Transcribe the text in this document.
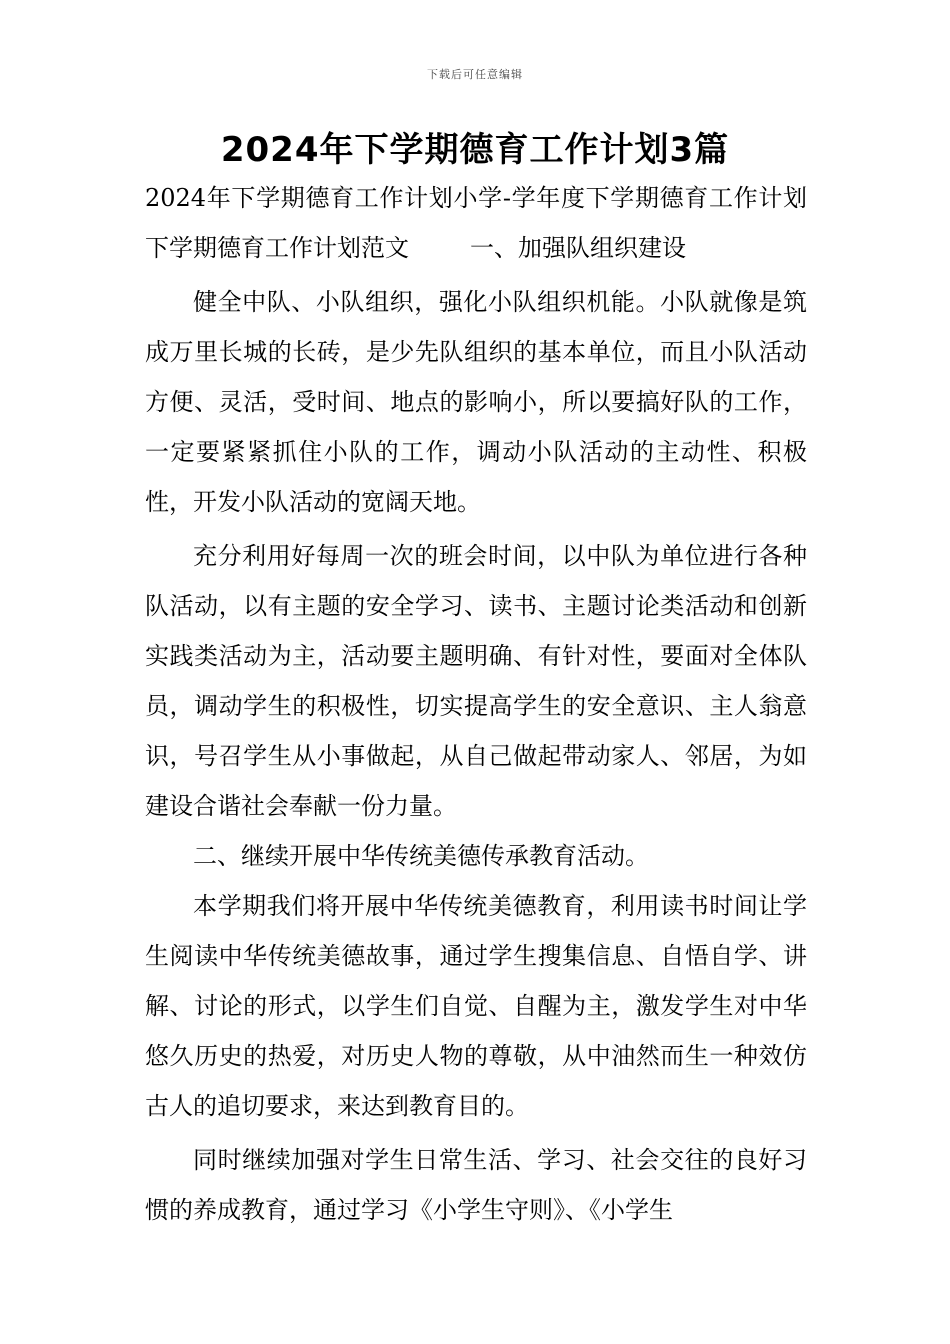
下载后可任意编辑
2024年下学期德育工作计划3篇

2024年下学期德育工作计划小学-学年度下学期德育工作计划下学期德育工作计划范文	一、加强队组织建设

健全中队、小队组织，强化小队组织机能。小队就像是筑成万里长城的长砖，是少先队组织的基本单位，而且小队活动方便、灵活，受时间、地点的影响小，所以要搞好队的工作，一定要紧紧抓住小队的工作，调动小队活动的主动性、积极性，开发小队活动的宽阔天地。

充分利用好每周一次的班会时间，以中队为单位进行各种队活动，以有主题的安全学习、读书、主题讨论类活动和创新实践类活动为主，活动要主题明确、有针对性，要面对全体队员，调动学生的积极性，切实提高学生的安全意识、主人翁意识，号召学生从小事做起，从自己做起带动家人、邻居，为如建设合谐社会奉献一份力量。

二、继续开展中华传统美德传承教育活动。

本学期我们将开展中华传统美德教育，利用读书时间让学生阅读中华传统美德故事，通过学生搜集信息、自悟自学、讲解、讨论的形式，以学生们自觉、自醒为主，激发学生对中华悠久历史的热爱，对历史人物的尊敬，从中油然而生一种效仿古人的追切要求，来达到教育目的。

同时继续加强对学生日常生活、学习、社会交往的良好习惯的养成教育，通过学习《小学生守则》、《小学生
